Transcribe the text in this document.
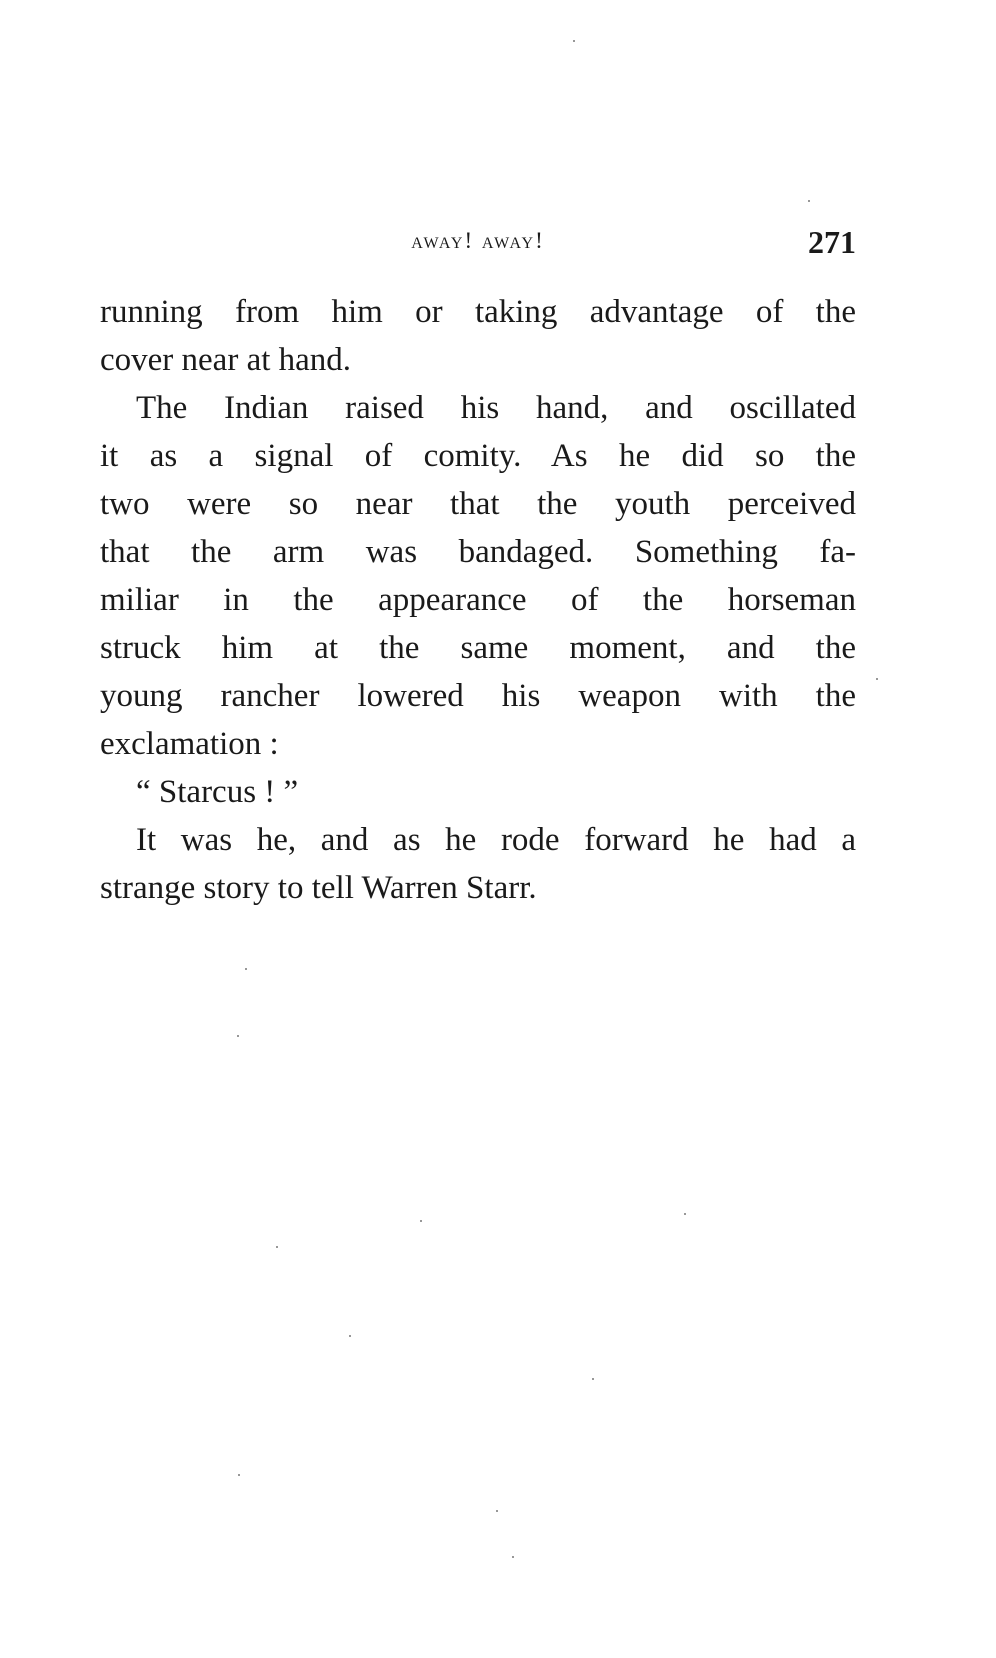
away! away!	271
running from him or taking advantage of the
cover near at hand.
The Indian raised his hand, and oscillated
it as a signal of comity. As he did so the
two were so near that the youth perceived
that the arm was bandaged. Something fa-
miliar in the appearance of the horseman
struck him at the same moment, and the
young rancher lowered his weapon with the
exclamation :
“ Starcus ! ”
It was he, and as he rode forward he had a
strange story to tell Warren Starr.
